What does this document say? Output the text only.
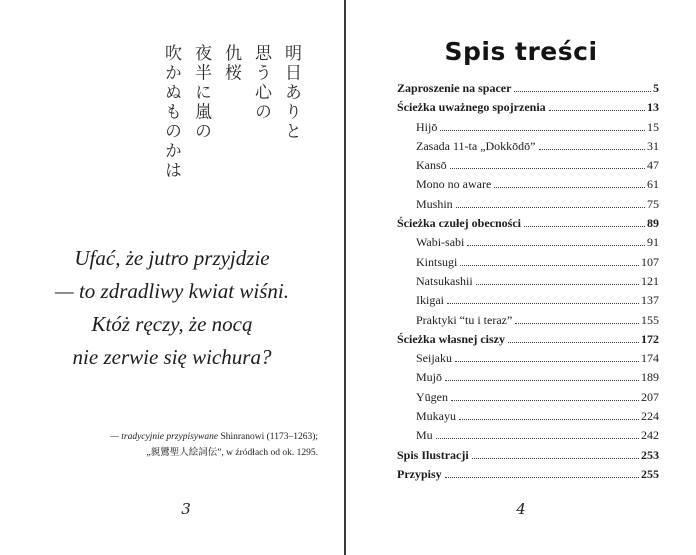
明日ありと
思う心の
仇桜
夜半に嵐の
吹かぬものかは
Ufać, że jutro przyjdzie
— to zdradliwy kwiat wiśni.
Któż ręczy, że nocą
nie zerwie się wichura?
— tradycyjnie przypisywane Shinranowi (1173–1263);
„親鸞聖人絵詞伝”, w źródłach od ok. 1295.
3
Spis treści
Zaproszenie na spacer	5
Ścieżka uważnego spojrzenia	13
Hijō	15
Zasada 11-ta „Dokkōdō”	31
Kansō	47
Mono no aware	61
Mushin	75
Ścieżka czułej obecności	89
Wabi-sabi	91
Kintsugi	107
Natsukashii	121
Ikigai	137
Praktyki “tu i teraz”	155
Ścieżka własnej ciszy	172
Seijaku	174
Mujō	189
Yūgen	207
Mukayu	224
Mu	242
Spis Ilustracji	253
Przypisy	255
4
